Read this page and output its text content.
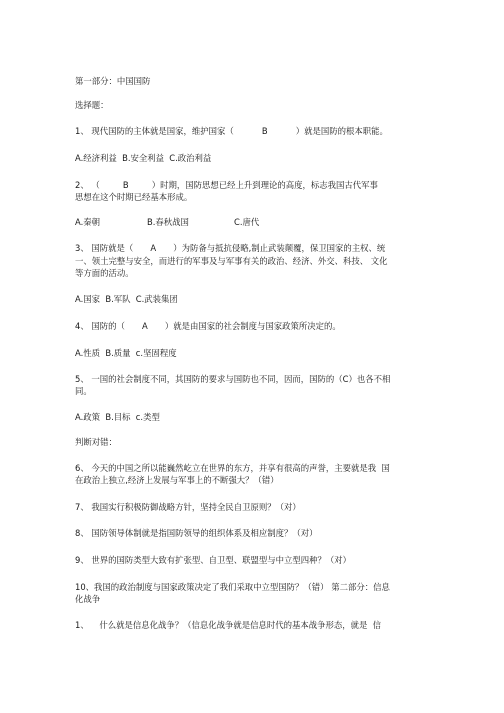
第一部分：中国国防
选择题：
1、 现代国防的主体就是国家，维护国家（	B	）就是国防的根本职能。
A.经济利益  B.安全利益  C.政治利益
2、 （	B	）时期，国防思想已经上升到理论的高度，标志我国古代军事
思想在这个时期已经基本形成。
A.秦朝	B.春秋战国	C.唐代
3、 国防就是（ A ）为防备与抵抗侵略,制止武装颠覆，保卫国家的主权、统
一、领土完整与安全，而进行的军事及与军事有关的政治、经济、外交、科技、 文化
等方面的活动。
A.国家  B.军队  C.武装集团
4、 国防的（ A ）就是由国家的社会制度与国家政策所决定的。
A.性质  B.质量  c.坚固程度
5、 一国的社会制度不同，其国防的要求与国防也不同，因而，国防的（C）也各不相
同。
A.政策  B.目标  c.类型
判断对错：
6、 今天的中国之所以能巍然屹立在世界的东方，并享有很高的声誉，主要就是我  国
在政治上独立,经济上发展与军事上的不断强大？（错）
7、 我国实行积极防御战略方针，坚持全民自卫原则？（对）
8、 国防领导体制就是指国防领导的组织体系及相应制度？（对）
9、 世界的国防类型大致有扩张型、自卫型、联盟型与中立型四种？（对）
10、我国的政治制度与国家政策决定了我们采取中立型国防？（错） 第二部分：信息
化战争
1、    什么就是信息化战争？（信息化战争就是信息时代的基本战争形态，就是  信
